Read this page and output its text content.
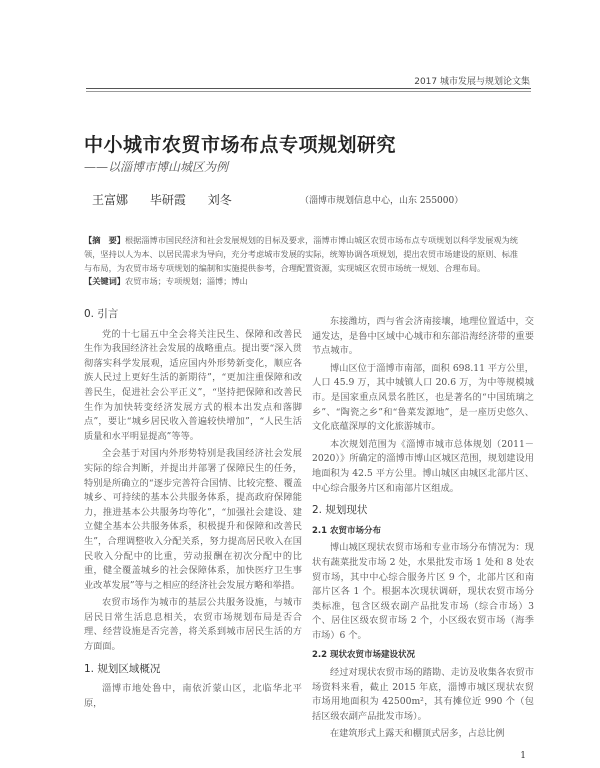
2017 城市发展与规划论文集
中小城市农贸市场布点专项规划研究
——以淄博市博山城区为例
王富娜 毕研霞 刘冬	（淄博市规划信息中心，山东 255000）
【摘　要】根据淄博市国民经济和社会发展规划的目标及要求，淄博市博山城区农贸市场布点专项规划以科学发展观为统领，坚持以人为本、以居民需求为导向，充分考虑城市发展的实际，统筹协调各项规划，提出农贸市场建设的原则、标准与布局，为农贸市场专项规划的编制和实施提供参考，合理配置资源，实现城区农贸市场统一规划、合理布局。
【关键词】农贸市场；专项规划；淄博；博山
0. 引言

党的十七届五中全会将关注民生、保障和改善民生作为我国经济社会发展的战略重点。提出要“深入贯彻落实科学发展观，适应国内外形势新变化，顺应各族人民过上更好生活的新期待”，“更加注重保障和改善民生，促进社会公平正义”，“坚持把保障和改善民生作为加快转变经济发展方式的根本出发点和落脚点”，要让“城乡居民收入普遍较快增加”，“人民生活质量和水平明显提高”等等。

全会基于对国内外形势特别是我国经济社会发展实际的综合判断，并提出并部署了保障民生的任务，特别是所确立的“逐步完善符合国情、比较完整、覆盖城乡、可持续的基本公共服务体系，提高政府保障能力，推进基本公共服务均等化”，“加强社会建设、建立健全基本公共服务体系，积极提升和保障和改善民生”，合理调整收入分配关系，努力提高居民收入在国民收入分配中的比重，劳动报酬在初次分配中的比重，健全覆盖城乡的社会保障体系，加快医疗卫生事业改革发展”等与之相应的经济社会发展方略和举措。

农贸市场作为城市的基层公共服务设施，与城市居民日常生活息息相关，农贸市场规划布局是否合理、经营设施是否完善，将关系到城市居民生活的方方面面。

1. 规划区域概况

淄博市地处鲁中，南依沂蒙山区，北临华北平原，

东接潍坊，西与省会济南接壤，地理位置适中，交通发达，是鲁中区域中心城市和东部沿海经济带的重要节点城市。

博山区位于淄博市南部，面积 698.11 平方公里，人口 45.9 万，其中城镇人口 20.6 万，为中等规模城市。是国家重点风景名胜区，也是著名的“中国琉璃之乡”、“陶瓷之乡”和“鲁菜发源地”，是一座历史悠久、文化底蕴深厚的文化旅游城市。

本次规划范围为《淄博市城市总体规划（2011－2020）》所确定的淄博市博山区城区范围，规划建设用地面积为 42.5 平方公里。博山城区由城区北部片区、中心综合服务片区和南部片区组成。

2. 规划现状
2.1 农贸市场分布

博山城区现状农贸市场和专业市场分布情况为：现状有蔬菜批发市场 2 处，水果批发市场 1 处和 8 处农贸市场，其中中心综合服务片区 9 个，北部片区和南部片区各 1 个。根据本次现状调研，现状农贸市场分类标准，包含区级农副产品批发市场（综合市场）3 个、居住区级农贸市场 2 个，小区级农贸市场（海季市场）6 个。

2.2 现状农贸市场建设状况

经过对现状农贸市场的踏勘、走访及收集各农贸市场资料来看，截止 2015 年底，淄博市城区现状农贸市场用地面积为 42500m²，其有摊位近 990 个（包括区级农副产品批发市场）。

在建筑形式上露天和棚顶式居多，占总比例

1
